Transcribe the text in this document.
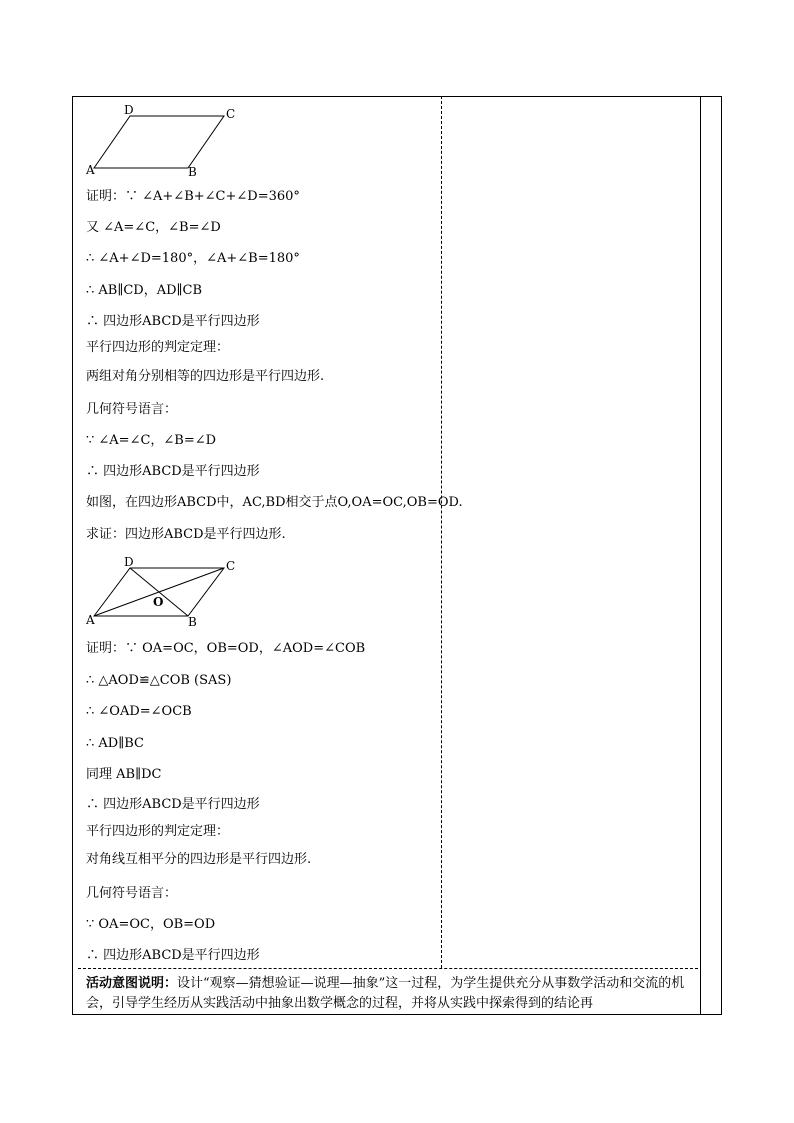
D	C
A	B
证明：∵ ∠A+∠B+∠C+∠D=360°
又 ∠A=∠C，∠B=∠D
∴ ∠A+∠D=180°，∠A+∠B=180°
∴ AB∥CD，AD∥CB
∴ 四边形ABCD是平行四边形
平行四边形的判定定理：
两组对角分别相等的四边形是平行四边形.
几何符号语言：
∵ ∠A=∠C，∠B=∠D
∴ 四边形ABCD是平行四边形
如图，在四边形ABCD中，AC,BD相交于点O,OA=OC,OB=OD.
求证：四边形ABCD是平行四边形.
D	C
A	B
O
证明：∵ OA=OC，OB=OD，∠AOD=∠COB
∴ △AOD≌△COB (SAS)
∴ ∠OAD=∠OCB
∴ AD∥BC
同理 AB∥DC
∴ 四边形ABCD是平行四边形
平行四边形的判定定理：
对角线互相平分的四边形是平行四边形.
几何符号语言：
∵ OA=OC，OB=OD
∴ 四边形ABCD是平行四边形
活动意图说明：设计“观察—猜想验证—说理—抽象”这一过程，为学生提供充分从事数学活动和交流的机会，引导学生经历从实践活动中抽象出数学概念的过程，并将从实践中探索得到的结论再
